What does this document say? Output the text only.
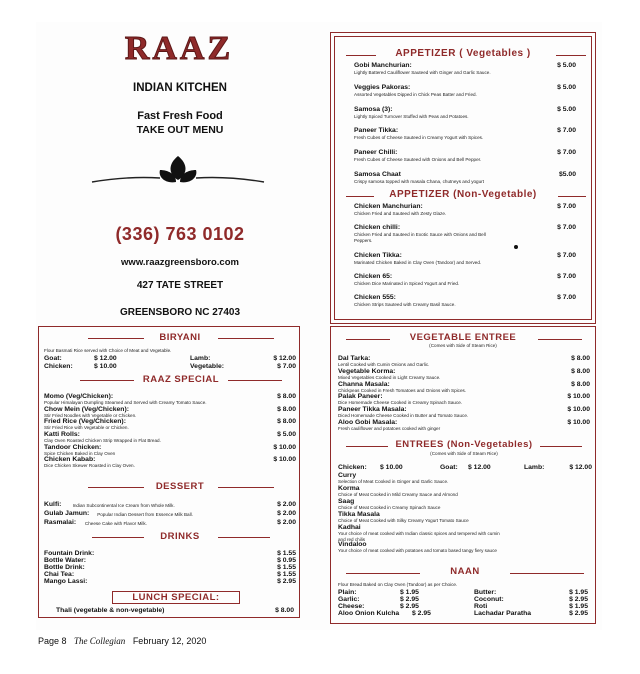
RAAZ
INDIAN KITCHEN
Fast Fresh Food
TAKE OUT MENU
(336) 763 0102
www.raazgreensboro.com
427 TATE STREET
GREENSBORO NC 27403
BIRYANI
Flour Basmati Rice served with Choice of Meat and Vegetable.
Goat:	$ 12.00	Lamb:	$ 12.00
Chicken:	$ 10.00	Vegetable:	$ 7.00
RAAZ SPECIAL
Momo (Veg/Chicken):	$ 8.00
Popular Himalayan Dumpling Steamed and Served with Creamy Tomato Sauce.
Chow Mein (Veg/Chicken):	$ 8.00
Stir Fried Noodles with Vegetable or Chicken.
Fried Rice (Veg/Chicken):	$ 8.00
Stir Fried Rice with Vegetable or Chicken.
Katti Rolls:	$ 5.00
Clay Oven Roasted Chicken Strip Wrapped in Flat Bread.
Tandoor Chicken:	$ 10.00
Spice Chicken Baked in Clay Oven
Chicken Kabab:	$ 10.00
Dice Chicken Skewer Roasted in Clay Oven.
DESSERT
Kulfi: Indian Subcontinental Ice Cream from Whole Milk.	$ 2.00
Gulab Jamun: Popular Indian Dessert from Essence Milk Ball.	$ 2.00
Rasmalai: Cheese Cake with Flavor Milk.	$ 2.00
DRINKS
Fountain Drink:	$ 1.55
Bottle Water:	$ 0.95
Bottle Drink:	$ 1.55
Chai Tea:	$ 1.55
Mango Lassi:	$ 2.95
LUNCH SPECIAL:
Thali (vegetable & non-vegetable)	$ 8.00
APPETIZER ( Vegetables )
Gobi Manchurian:	$ 5.00
Lightly Battered Cauliflower Sauteed with Ginger and Garlic Sauce.
Veggies Pakoras:	$ 5.00
Assorted Vegetables Dipped in Chick Peas Batter and Fried.
Samosa (3):	$ 5.00
Lightly Spiced Turnover Stuffed with Peas and Potatoes.
Paneer Tikka:	$ 7.00
Fresh Cubes of Cheese Sauteed in Creamy Yogurt with Spices.
Paneer Chilli:	$ 7.00
Fresh Cubes of Cheese Sauteed with Onions and Bell Pepper.
Samosa Chaat	$5.00
Crispy samosa topped with masala Chana, chutneys and yogurt
APPETIZER (Non-Vegetable)
Chicken Manchurian:	$ 7.00
Chicken Fried and Sauteed with Zesty Glaze.
Chicken chilli:	$ 7.00
Chicken Fried and Sauteed in Exotic Sauce with Onions and Bell
Peppers.
Chicken Tikka:	$ 7.00
Marinated Chicken Baked in Clay Oven (Tandoor) and Served.
Chicken 65:	$ 7.00
Chicken Dice Marinated in Spiced Yogurt and Fried.
Chicken 555:	$ 7.00
Chicken Strips Sauteed with Creamy Basil Sauce.
VEGETABLE ENTREE
(Comes with Side of Steam Rice)
Dal Tarka:	$ 8.00
Lentil Cooked with Cumin Onions and Garlic.
Vegetable Korma:	$ 8.00
Mixed Vegetables Cooked in Light Creamy Sauce.
Channa Masala:	$ 8.00
Chickpeas Cooked in Fresh Tomatoes and Onions with Spices.
Palak Paneer:	$ 10.00
Dice Homemade Cheese Cooked in Creamy Spinach Sauce.
Paneer Tikka Masala:	$ 10.00
Diced Homemade Cheese Cooked in Butter and Tomato Sauce.
Aloo Gobi Masala:	$ 10.00
Fresh cauliflower and potatoes cooked with ginger
ENTREES (Non-Vegetables)
(Comes with Side of Steam Rice)
Chicken: $ 10.00	Goat: $ 12.00	Lamb:	$ 12.00
Curry
Selection of Meat Cooked in Ginger and Garlic Sauce.
Korma
Choice of Meat Cooked in Mild Creamy Sauce and Almond
Saag
Choice of Meat Cooked in Creamy Spinach Sauce
Tikka Masala
Choice of Meat Cooked with Silky Creamy Yogurt Tomato Sauce
Kadhai
Your choice of meat cooked with Indian classic spices and tempered with cumin
and red chilis
Vindaloo
Your choice of meat cooked with potatoes and tomato based tangy fiery sauce
NAAN
Flour Bread Baked on Clay Oven (Tandoor) as per Choice.
Plain:	$ 1.95	Butter:	$ 1.95
Garlic:	$ 2.95	Coconut:	$ 2.95
Cheese:	$ 2.95	Roti	$ 1.95
Aloo Onion Kulcha $ 2.95	Lachadar Paratha	$ 2.95
Page 8 The Collegian February 12, 2020
